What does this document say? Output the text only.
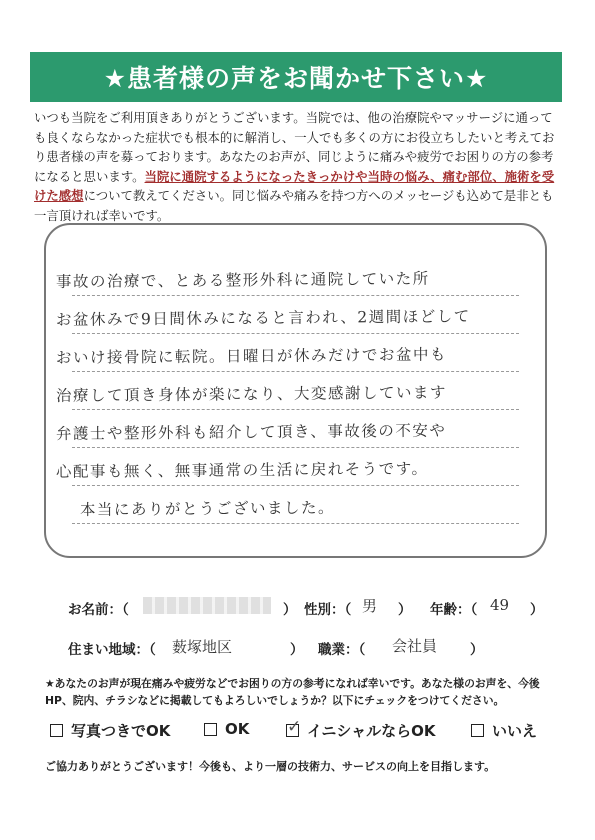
★患者様の声をお聞かせ下さい★
いつも当院をご利用頂きありがとうございます。当院では、他の治療院やマッサージに通っても良くならなかった症状でも根本的に解消し、一人でも多くの方にお役立ちしたいと考えており患者様の声を募っております。あなたのお声が、同じように痛みや疲労でお困りの方の参考になると思います。当院に通院するようになったきっかけや当時の悩み、痛む部位、施術を受けた感想について教えてください。同じ悩みや痛みを持つ方へのメッセージも込めて是非とも一言頂ければ幸いです。
事故の治療で、とある整形外科に通院していた所
お盆休みで9日間休みになると言われ、2週間ほどして
おいけ接骨院に転院。日曜日が休みだけでお盆中も
治療して頂き身体が楽になり、大変感謝しています
弁護士や整形外科も紹介して頂き、事故後の不安や
心配事も無く、無事通常の生活に戻れそうです。
本当にありがとうございました。
お名前：（	） 性別：（ 男 ） 年齢：（ 49 ）
住まい地域：（ 薮塚地区	） 職業：（ 会社員 ）
★あなたのお声が現在痛みや疲労などでお困りの方の参考になれば幸いです。あなた様のお声を、今後HP、院内、チラシなどに掲載してもよろしいでしょうか？以下にチェックをつけてください。
写真つきでOK	OK ✓ イニシャルならOK	いいえ
ご協力ありがとうございます！今後も、より一層の技術力、サービスの向上を目指します。
